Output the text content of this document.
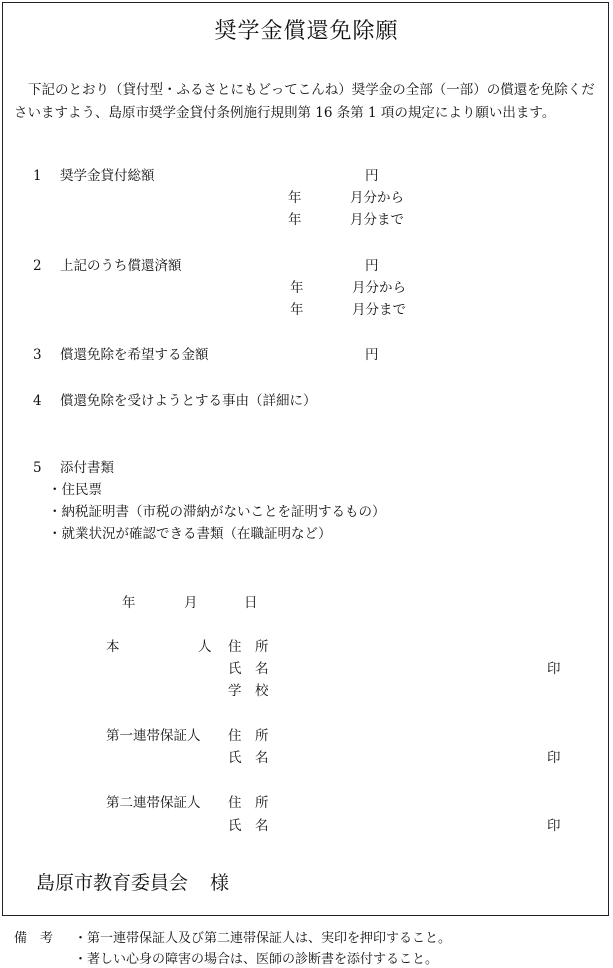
奨学金償還免除願
下記のとおり（貸付型・ふるさとにもどってこんね）奨学金の全部（一部）の償還を免除くださいますよう、島原市奨学金貸付条例施行規則第 16 条第 1 項の規定により願い出ます。
1 奨学金貸付総額	円
年	月分から
年	月分まで
2 上記のうち償還済額	円
年	月分から
年	月分まで
3 償還免除を希望する金額	円
4 償還免除を受けようとする事由（詳細に）
5 添付書類
・住民票
・納税証明書（市税の滞納がないことを証明するもの）
・就業状況が確認できる書類（在職証明など）
年	月	日
本	人 住　所
氏　名	印
学　校
第一連帯保証人 住　所
氏　名	印
第二連帯保証人 住　所
氏　名	印
島原市教育委員会 様
備　考 ・第一連帯保証人及び第二連帯保証人は、実印を押印すること。
・著しい心身の障害の場合は、医師の診断書を添付すること。
